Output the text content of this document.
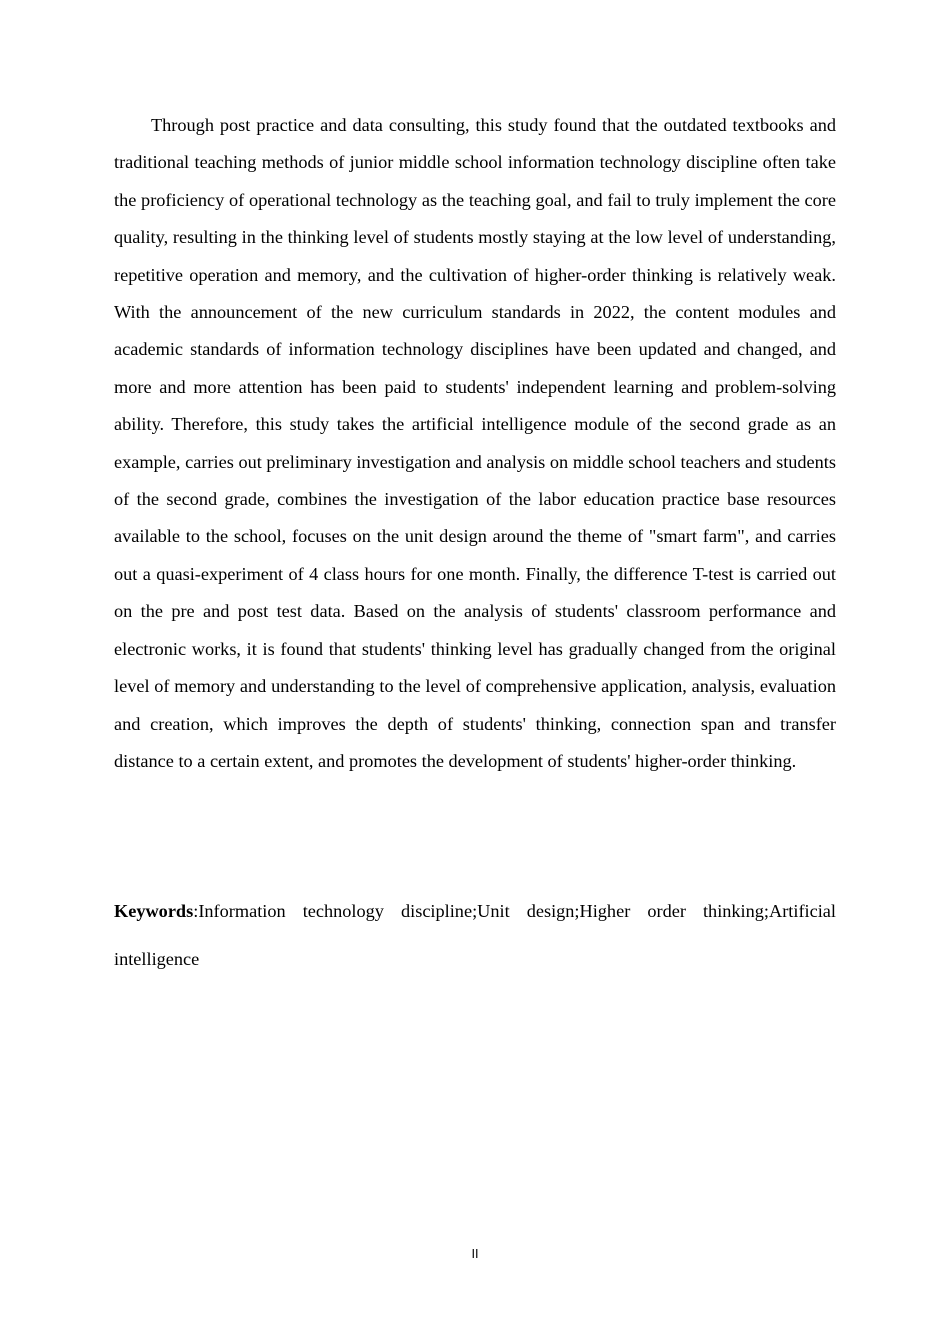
Through post practice and data consulting, this study found that the outdated textbooks and traditional teaching methods of junior middle school information technology discipline often take the proficiency of operational technology as the teaching goal, and fail to truly implement the core quality, resulting in the thinking level of students mostly staying at the low level of understanding, repetitive operation and memory, and the cultivation of higher-order thinking is relatively weak. With the announcement of the new curriculum standards in 2022, the content modules and academic standards of information technology disciplines have been updated and changed, and more and more attention has been paid to students' independent learning and problem-solving ability. Therefore, this study takes the artificial intelligence module of the second grade as an example, carries out preliminary investigation and analysis on middle school teachers and students of the second grade, combines the investigation of the labor education practice base resources available to the school, focuses on the unit design around the theme of "smart farm", and carries out a quasi-experiment of 4 class hours for one month. Finally, the difference T-test is carried out on the pre and post test data. Based on the analysis of students' classroom performance and electronic works, it is found that students' thinking level has gradually changed from the original level of memory and understanding to the level of comprehensive application, analysis, evaluation and creation, which improves the depth of students' thinking, connection span and transfer distance to a certain extent, and promotes the development of students' higher-order thinking.

Keywords:Information technology discipline;Unit design;Higher order thinking;Artificial intelligence

II
